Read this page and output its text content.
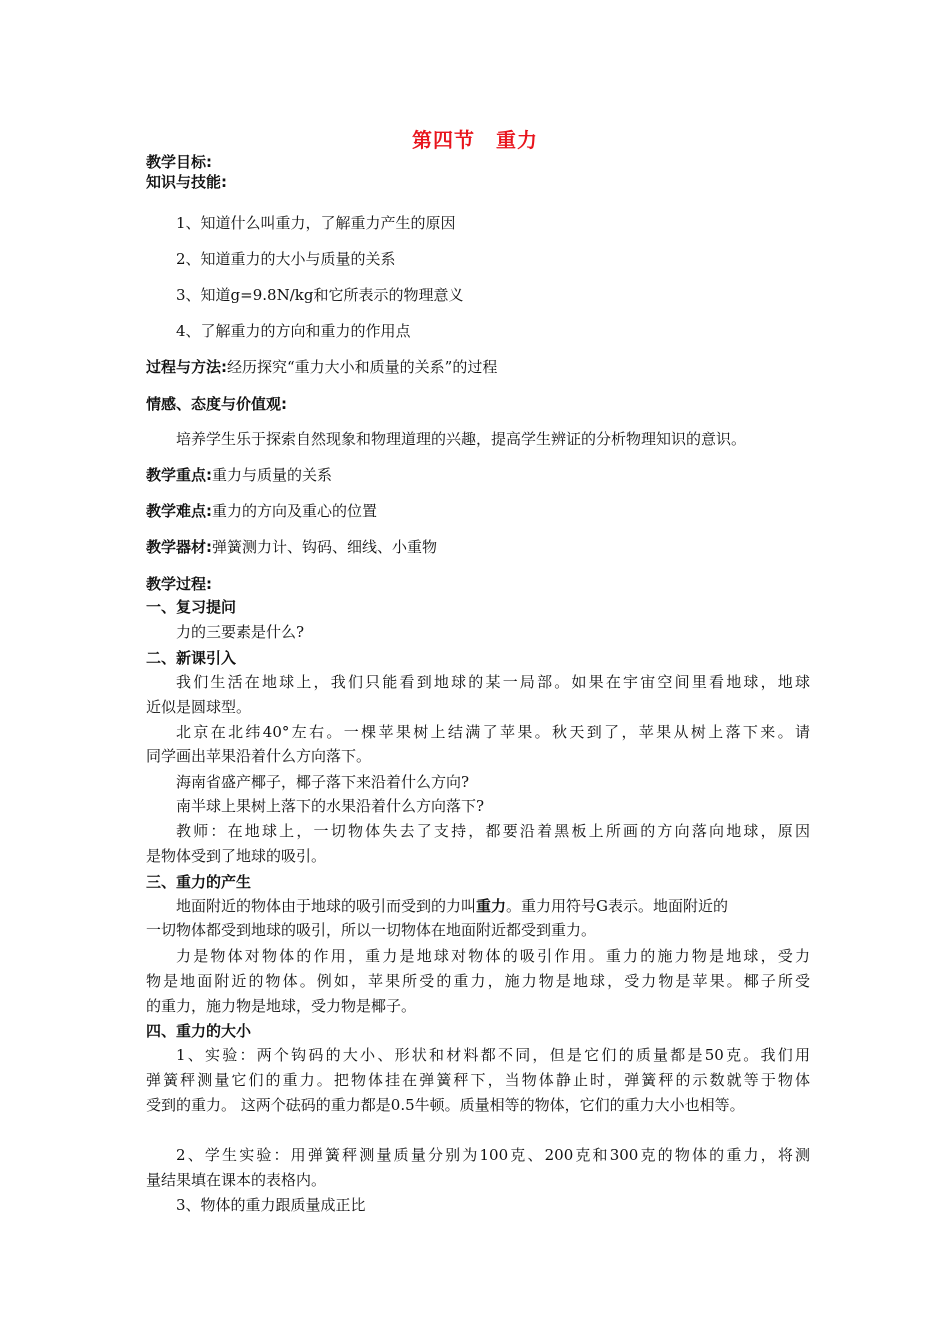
第四节　重力
教学目标:
知识与技能:
1、知道什么叫重力，了解重力产生的原因
2、知道重力的大小与质量的关系
3、知道g=9.8N/kg和它所表示的物理意义
4、了解重力的方向和重力的作用点
过程与方法:经历探究“重力大小和质量的关系”的过程
情感、态度与价值观:
培养学生乐于探索自然现象和物理道理的兴趣，提高学生辨证的分析物理知识的意识。
教学重点:重力与质量的关系
教学难点:重力的方向及重心的位置
教学器材:弹簧测力计、钩码、细线、小重物
教学过程:
一、复习提问
力的三要素是什么?
二、新课引入
我们生活在地球上，我们只能看到地球的某一局部。如果在宇宙空间里看地球，地球
近似是圆球型。
北京在北纬40°左右。一棵苹果树上结满了苹果。秋天到了，苹果从树上落下来。请
同学画出苹果沿着什么方向落下。
海南省盛产椰子，椰子落下来沿着什么方向?
南半球上果树上落下的水果沿着什么方向落下?
教师：在地球上，一切物体失去了支持，都要沿着黑板上所画的方向落向地球，原因
是物体受到了地球的吸引。
三、重力的产生
地面附近的物体由于地球的吸引而受到的力叫重力。重力用符号G表示。地面附近的
一切物体都受到地球的吸引，所以一切物体在地面附近都受到重力。
力是物体对物体的作用，重力是地球对物体的吸引作用。重力的施力物是地球，受力
物是地面附近的物体。例如，苹果所受的重力，施力物是地球，受力物是苹果。椰子所受
的重力，施力物是地球，受力物是椰子。
四、重力的大小
1、实验：两个钩码的大小、形状和材料都不同，但是它们的质量都是50克。我们用
弹簧秤测量它们的重力。把物体挂在弹簧秤下，当物体静止时，弹簧秤的示数就等于物体
受到的重力。 这两个砝码的重力都是0.5牛顿。质量相等的物体，它们的重力大小也相等。
2、学生实验：用弹簧秤测量质量分别为100克、200克和300克的物体的重力，将测
量结果填在课本的表格内。
3、物体的重力跟质量成正比
